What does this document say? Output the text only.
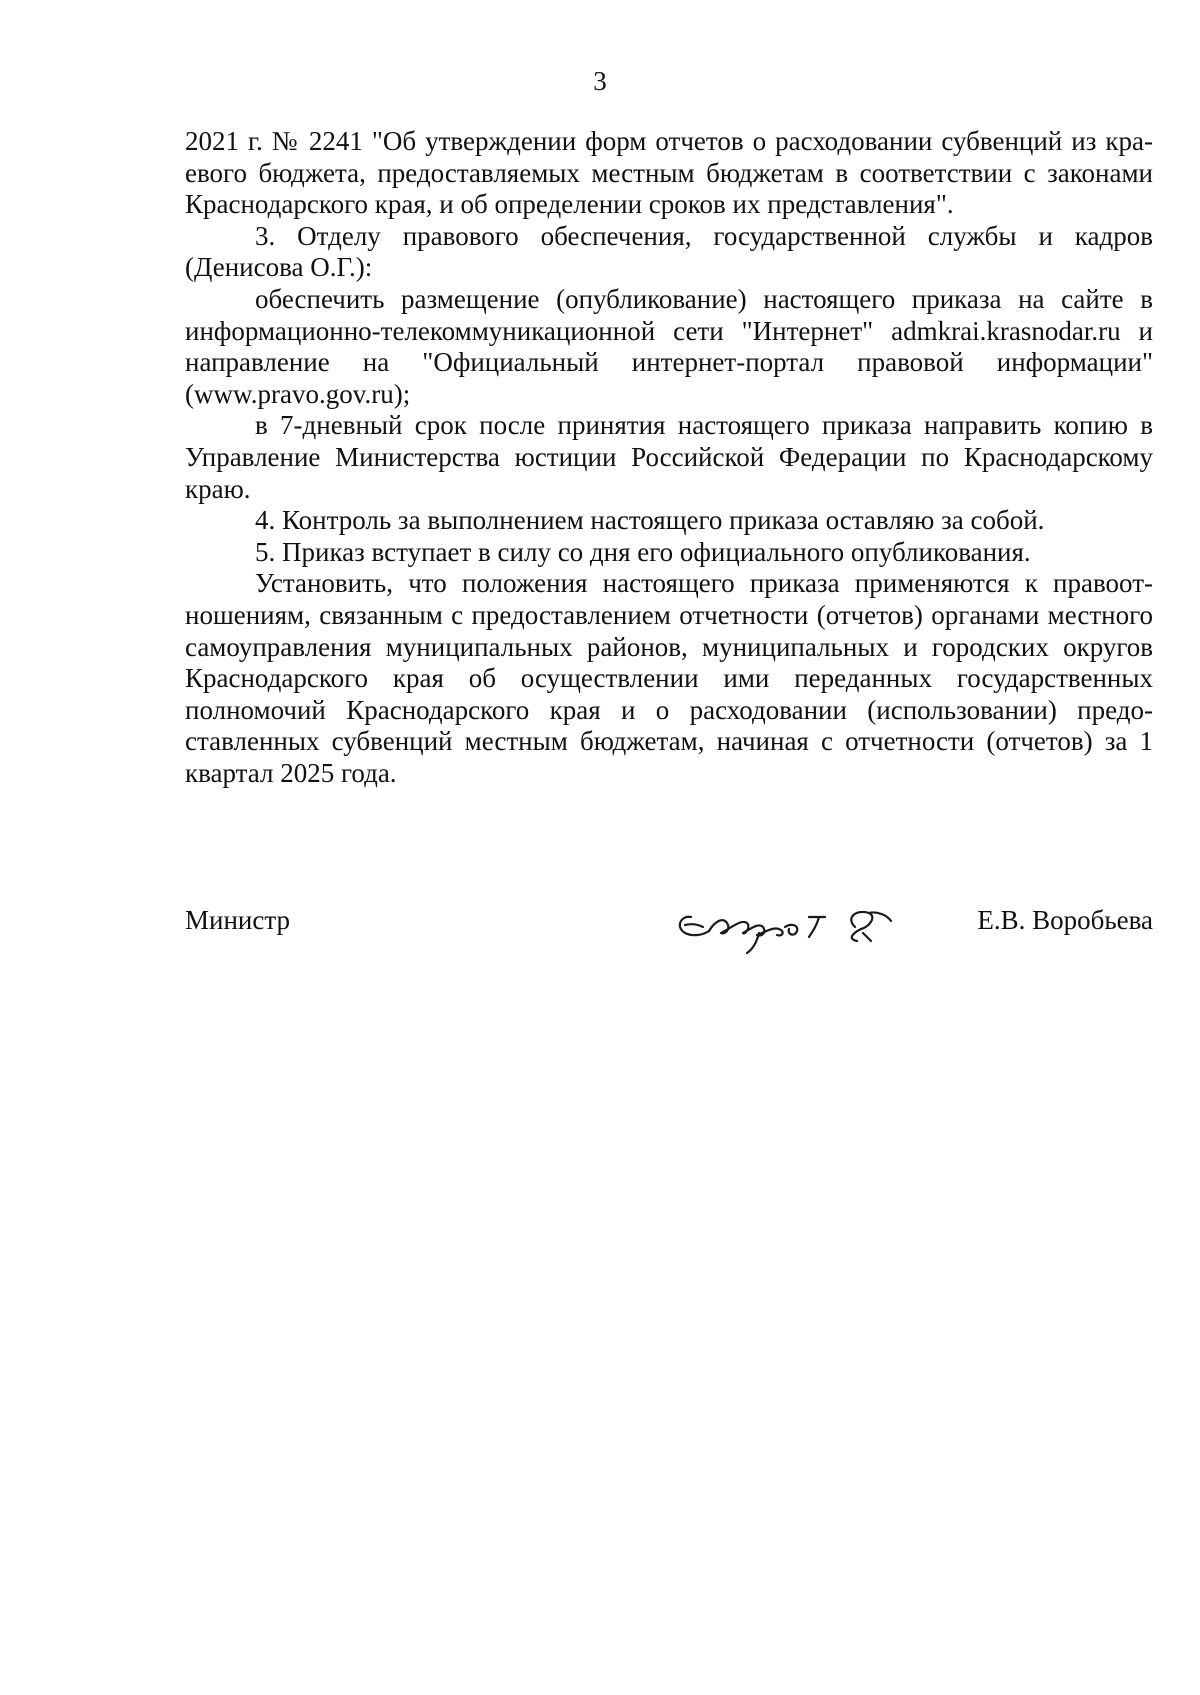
3

2021 г. № 2241 "Об утверждении форм отчетов о расходовании субвенций из краевого бюджета, предоставляемых местным бюджетам в соответствии с законами Краснодарского края, и об определении сроков их представления".

3. Отделу правового обеспечения, государственной службы и кадров (Денисова О.Г.):

обеспечить размещение (опубликование) настоящего приказа на сайте в информационно-телекоммуникационной сети "Интернет" admkrai.krasnodar.ru и направление на "Официальный интернет-портал правовой информации" (www.pravo.gov.ru);

в 7-дневный срок после принятия настоящего приказа направить копию в Управление Министерства юстиции Российской Федерации по Краснодарскому краю.

4. Контроль за выполнением настоящего приказа оставляю за собой.

5. Приказ вступает в силу со дня его официального опубликования.

Установить, что положения настоящего приказа применяются к правоотношениям, связанным с предоставлением отчетности (отчетов) органами местного самоуправления муниципальных районов, муниципальных и городских округов Краснодарского края об осуществлении ими переданных государственных полномочий Краснодарского края и о расходовании (использовании) предоставленных субвенций местным бюджетам, начиная с отчетности (отчетов) за 1 квартал 2025 года.

Министр	Е.В. Воробьева
